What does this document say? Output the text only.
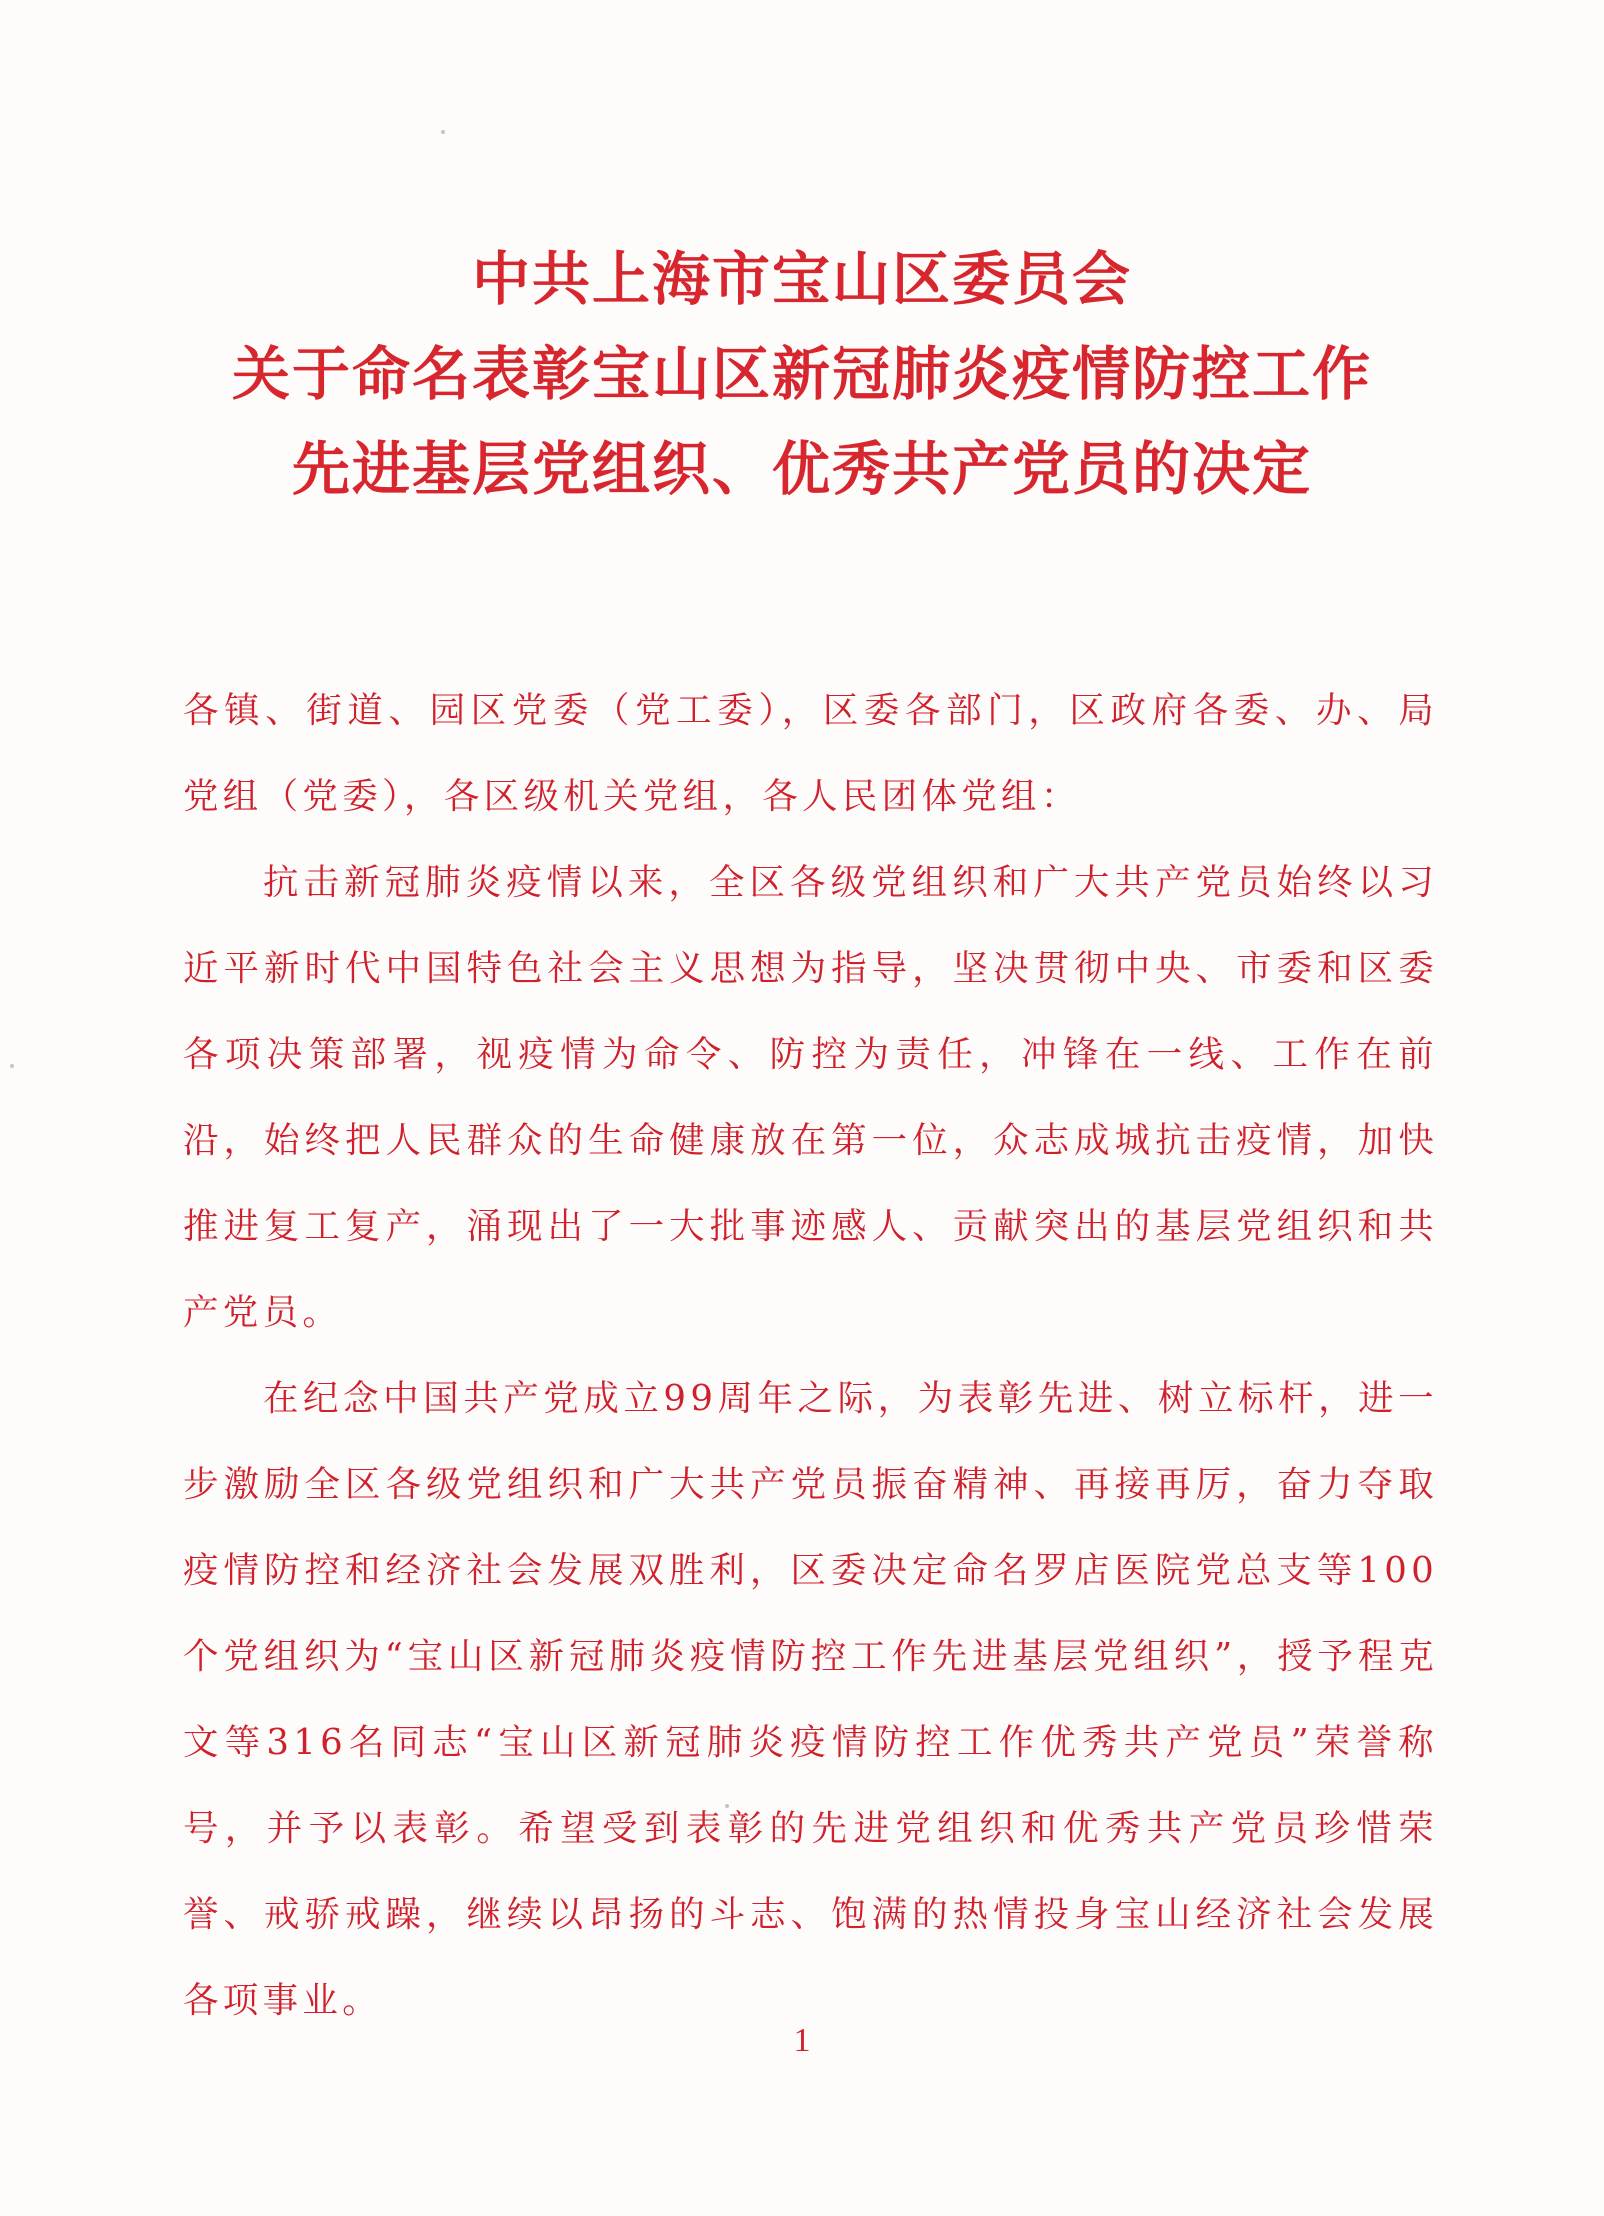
中共上海市宝山区委员会
关于命名表彰宝山区新冠肺炎疫情防控工作
先进基层党组织、优秀共产党员的决定

各镇、街道、园区党委（党工委），区委各部门，区政府各委、办、局党组（党委），各区级机关党组，各人民团体党组：

抗击新冠肺炎疫情以来，全区各级党组织和广大共产党员始终以习近平新时代中国特色社会主义思想为指导，坚决贯彻中央、市委和区委各项决策部署，视疫情为命令、防控为责任，冲锋在一线、工作在前沿，始终把人民群众的生命健康放在第一位，众志成城抗击疫情，加快推进复工复产，涌现出了一大批事迹感人、贡献突出的基层党组织和共产党员。

在纪念中国共产党成立99周年之际，为表彰先进、树立标杆，进一步激励全区各级党组织和广大共产党员振奋精神、再接再厉，奋力夺取疫情防控和经济社会发展双胜利，区委决定命名罗店医院党总支等100个党组织为“宝山区新冠肺炎疫情防控工作先进基层党组织”，授予程克文等316名同志“宝山区新冠肺炎疫情防控工作优秀共产党员”荣誉称号，并予以表彰。希望受到表彰的先进党组织和优秀共产党员珍惜荣誉、戒骄戒躁，继续以昂扬的斗志、饱满的热情投身宝山经济社会发展各项事业。

1
